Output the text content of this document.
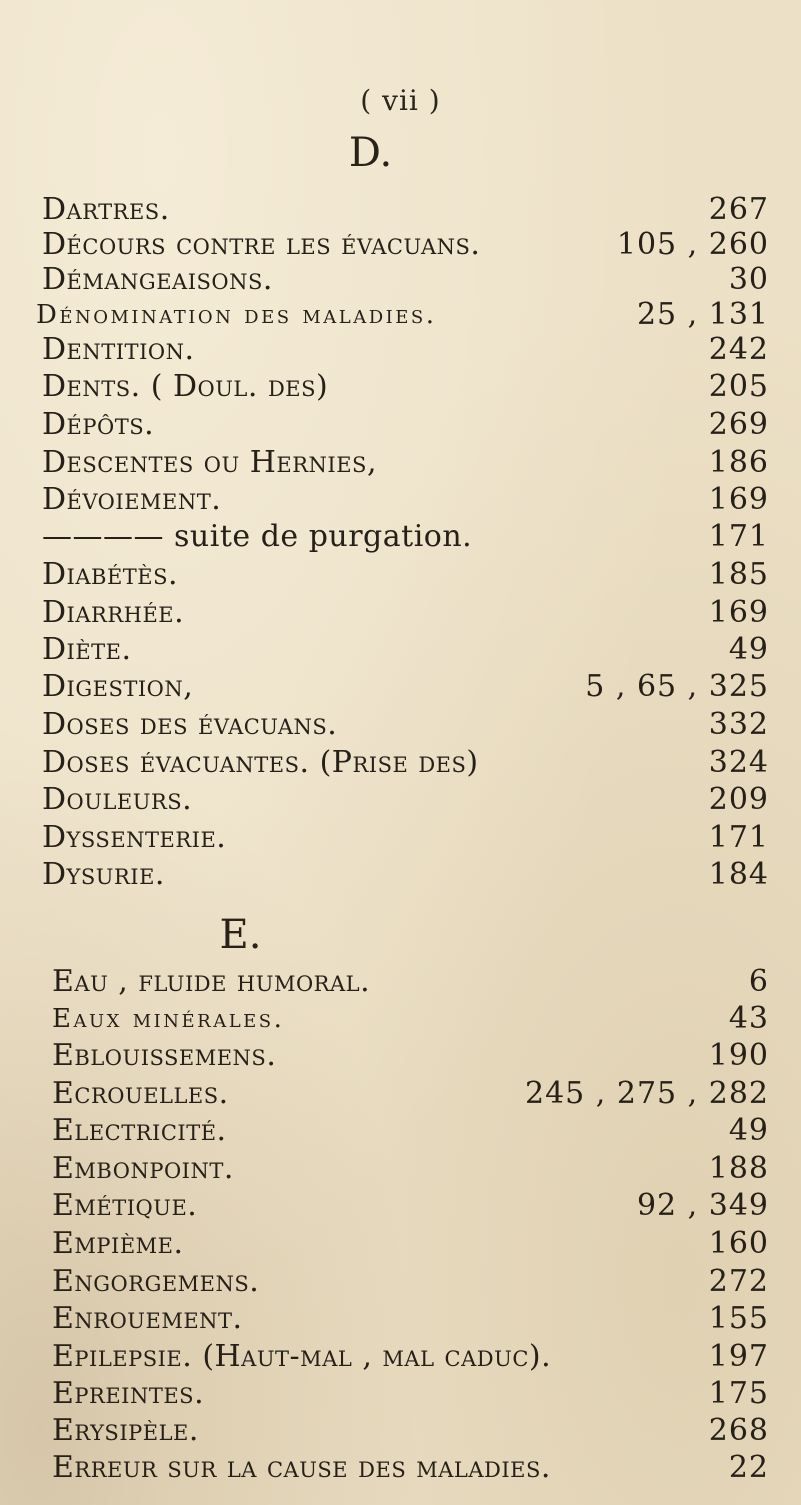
( vii )
D.
E.
Dartres.	267
Décours contre les évacuans.	105 , 260
Démangeaisons.	30
Dénomination des maladies.	25 , 131
Dentition.	242
Dents. ( Doul. des)	205
Dépôts.	269
Descentes ou Hernies,	186
Dévoiement.	169
———— suite de purgation.	171
Diabétès.	185
Diarrhée.	169
Diète.	49
Digestion,	5 , 65 , 325
Doses des évacuans.	332
Doses évacuantes. (Prise des)	324
Douleurs.	209
Dyssenterie.	171
Dysurie.	184
Eau , fluide humoral.	6
Eaux minérales.	43
Eblouissemens.	190
Ecrouelles.	245 , 275 , 282
Electricité.	49
Embonpoint.	188
Emétique.	92 , 349
Empième.	160
Engorgemens.	272
Enrouement.	155
Epilepsie. (Haut-mal , mal caduc).	197
Epreintes.	175
Erysipèle.	268
Erreur sur la cause des maladies.	22
